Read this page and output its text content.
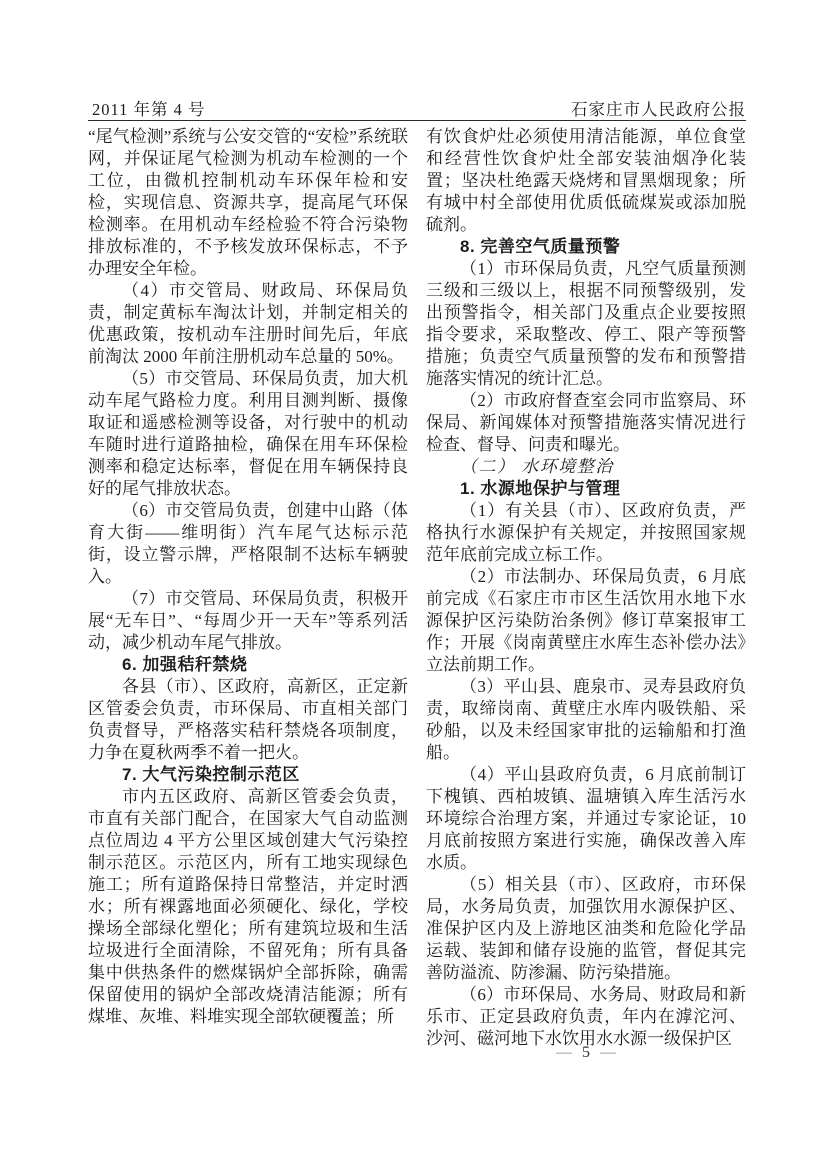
2011 年第 4 号	石家庄市人民政府公报

“尾气检测”系统与公安交管的“安检”系统联网，并保证尾气检测为机动车检测的一个工位，由微机控制机动车环保年检和安检，实现信息、资源共享，提高尾气环保检测率。在用机动车经检验不符合污染物排放标准的，不予核发放环保标志，不予办理安全年检。

（4）市交管局、财政局、环保局负责，制定黄标车淘汰计划，并制定相关的优惠政策，按机动车注册时间先后，年底前淘汰 2000 年前注册机动车总量的 50%。

（5）市交管局、环保局负责，加大机动车尾气路检力度。利用目测判断、摄像取证和遥感检测等设备，对行驶中的机动车随时进行道路抽检，确保在用车环保检测率和稳定达标率，督促在用车辆保持良好的尾气排放状态。

（6）市交管局负责，创建中山路（体育大街——维明街）汽车尾气达标示范街，设立警示牌，严格限制不达标车辆驶入。

（7）市交管局、环保局负责，积极开展“无车日”、“每周少开一天车”等系列活动，减少机动车尾气排放。

6. 加强秸秆禁烧

各县（市）、区政府，高新区，正定新区管委会负责，市环保局、市直相关部门负责督导，严格落实秸秆禁烧各项制度，力争在夏秋两季不着一把火。

7. 大气污染控制示范区

市内五区政府、高新区管委会负责，市直有关部门配合，在国家大气自动监测点位周边 4 平方公里区域创建大气污染控制示范区。示范区内，所有工地实现绿色施工；所有道路保持日常整洁，并定时洒水；所有裸露地面必须硬化、绿化，学校操场全部绿化塑化；所有建筑垃圾和生活垃圾进行全面清除，不留死角；所有具备集中供热条件的燃煤锅炉全部拆除，确需保留使用的锅炉全部改烧清洁能源；所有煤堆、灰堆、料堆实现全部软硬覆盖；所

有饮食炉灶必须使用清洁能源，单位食堂和经营性饮食炉灶全部安装油烟净化装置；坚决杜绝露天烧烤和冒黑烟现象；所有城中村全部使用优质低硫煤炭或添加脱硫剂。

8. 完善空气质量预警

（1）市环保局负责，凡空气质量预测三级和三级以上，根据不同预警级别，发出预警指令，相关部门及重点企业要按照指令要求，采取整改、停工、限产等预警措施；负责空气质量预警的发布和预警措施落实情况的统计汇总。

（2）市政府督查室会同市监察局、环保局、新闻媒体对预警措施落实情况进行检查、督导、问责和曝光。

（二） 水环境整治

1. 水源地保护与管理

（1）有关县（市）、区政府负责，严格执行水源保护有关规定，并按照国家规范年底前完成立标工作。

（2）市法制办、环保局负责，6 月底前完成《石家庄市市区生活饮用水地下水源保护区污染防治条例》修订草案报审工作；开展《岗南黄壁庄水库生态补偿办法》立法前期工作。

（3）平山县、鹿泉市、灵寿县政府负责，取缔岗南、黄壁庄水库内吸铁船、采砂船，以及未经国家审批的运输船和打渔船。

（4）平山县政府负责，6 月底前制订下槐镇、西柏坡镇、温塘镇入库生活污水环境综合治理方案，并通过专家论证，10 月底前按照方案进行实施，确保改善入库水质。

（5）相关县（市）、区政府，市环保局，水务局负责，加强饮用水源保护区、准保护区内及上游地区油类和危险化学品运载、装卸和储存设施的监管，督促其完善防溢流、防渗漏、防污染措施。

（6）市环保局、水务局、财政局和新乐市、正定县政府负责，年内在滹沱河、沙河、磁河地下水饮用水水源一级保护区

— 5 —
